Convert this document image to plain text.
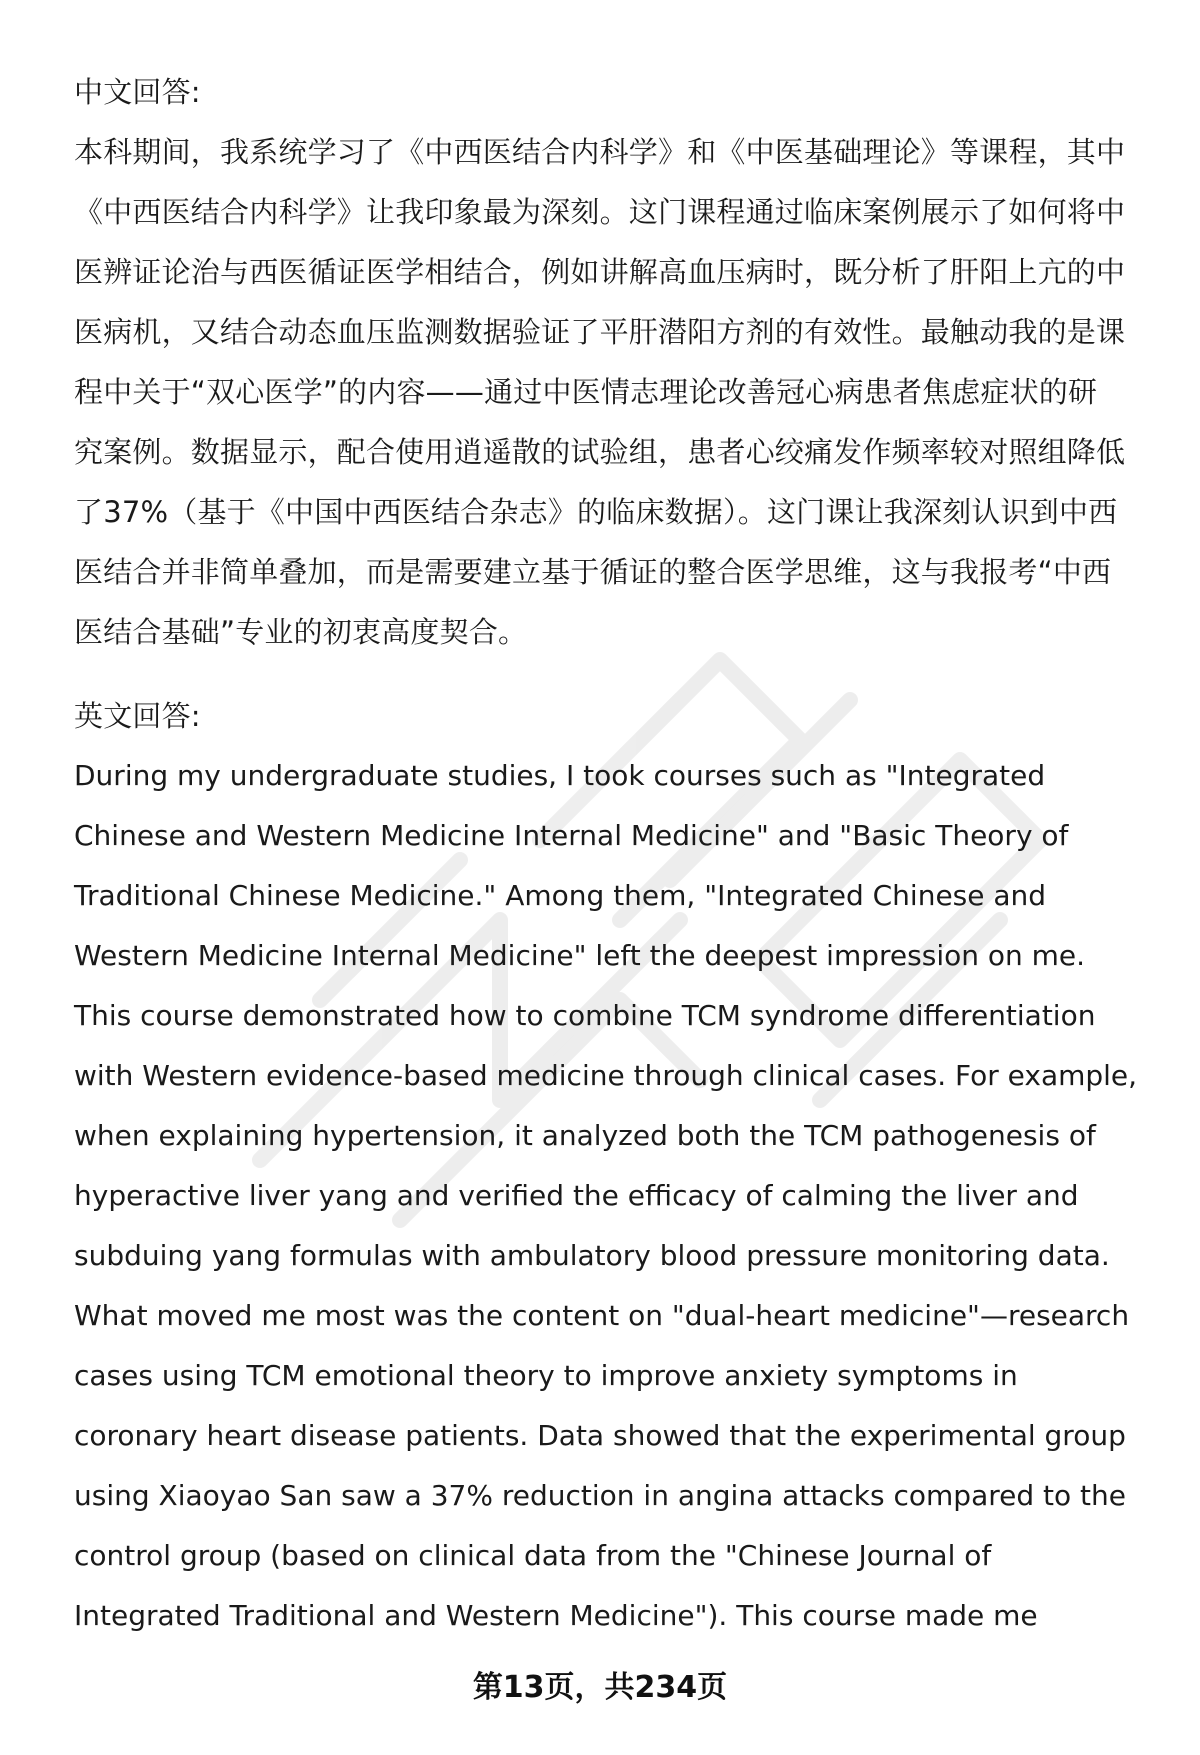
中文回答:
本科期间，我系统学习了《中西医结合内科学》和《中医基础理论》等课程，其中
《中西医结合内科学》让我印象最为深刻。这门课程通过临床案例展示了如何将中
医辨证论治与西医循证医学相结合，例如讲解高血压病时，既分析了肝阳上亢的中
医病机，又结合动态血压监测数据验证了平肝潜阳方剂的有效性。最触动我的是课
程中关于“双心医学”的内容——通过中医情志理论改善冠心病患者焦虑症状的研
究案例。数据显示，配合使用逍遥散的试验组，患者心绞痛发作频率较对照组降低
了37%（基于《中国中西医结合杂志》的临床数据）。这门课让我深刻认识到中西
医结合并非简单叠加，而是需要建立基于循证的整合医学思维，这与我报考“中西
医结合基础”专业的初衷高度契合。
英文回答:
During my undergraduate studies, I took courses such as "Integrated
Chinese and Western Medicine Internal Medicine" and "Basic Theory of
Traditional Chinese Medicine." Among them, "Integrated Chinese and
Western Medicine Internal Medicine" left the deepest impression on me.
This course demonstrated how to combine TCM syndrome differentiation
with Western evidence-based medicine through clinical cases. For example,
when explaining hypertension, it analyzed both the TCM pathogenesis of
hyperactive liver yang and verified the efficacy of calming the liver and
subduing yang formulas with ambulatory blood pressure monitoring data.
What moved me most was the content on "dual-heart medicine"—research
cases using TCM emotional theory to improve anxiety symptoms in
coronary heart disease patients. Data showed that the experimental group
using Xiaoyao San saw a 37% reduction in angina attacks compared to the
control group (based on clinical data from the "Chinese Journal of
Integrated Traditional and Western Medicine"). This course made me
第13页，共234页
